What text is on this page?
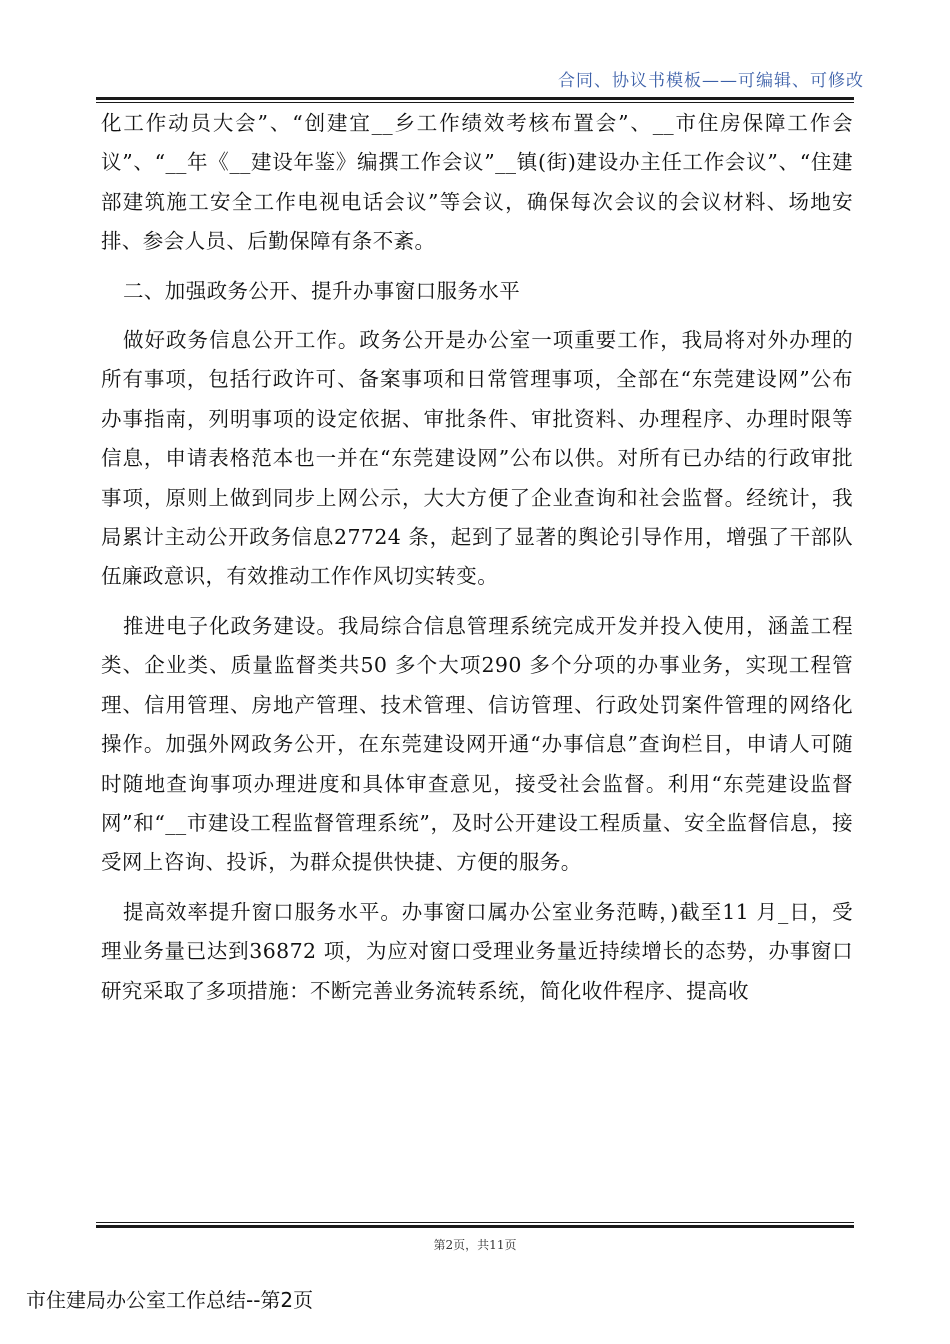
合同、协议书模板——可编辑、可修改

化工作动员大会”、“创建宜__乡工作绩效考核布置会”、__市住房保障工作会议”、“__年《__建设年鉴》编撰工作会议”__镇(街)建设办主任工作会议”、“住建部建筑施工安全工作电视电话会议”等会议，确保每次会议的会议材料、场地安排、参会人员、后勤保障有条不紊。

二、加强政务公开、提升办事窗口服务水平

做好政务信息公开工作。政务公开是办公室一项重要工作，我局将对外办理的所有事项，包括行政许可、备案事项和日常管理事项，全部在“东莞建设网”公布办事指南，列明事项的设定依据、审批条件、审批资料、办理程序、办理时限等信息，申请表格范本也一并在“东莞建设网”公布以供。对所有已办结的行政审批事项，原则上做到同步上网公示，大大方便了企业查询和社会监督。经统计，我局累计主动公开政务信息27724 条，起到了显著的舆论引导作用，增强了干部队伍廉政意识，有效推动工作作风切实转变。

推进电子化政务建设。我局综合信息管理系统完成开发并投入使用，涵盖工程类、企业类、质量监督类共50 多个大项290 多个分项的办事业务，实现工程管理、信用管理、房地产管理、技术管理、信访管理、行政处罚案件管理的网络化操作。加强外网政务公开，在东莞建设网开通“办事信息”查询栏目，申请人可随时随地查询事项办理进度和具体审查意见，接受社会监督。利用“东莞建设监督网”和“__市建设工程监督管理系统”，及时公开建设工程质量、安全监督信息，接受网上咨询、投诉，为群众提供快捷、方便的服务。

提高效率提升窗口服务水平。办事窗口属办公室业务范畴，)截至11 月_日，受理业务量已达到36872 项，为应对窗口受理业务量近持续增长的态势，办事窗口研究采取了多项措施：不断完善业务流转系统，简化收件程序、提高收

第2页，共11页
市住建局办公室工作总结--第2页
